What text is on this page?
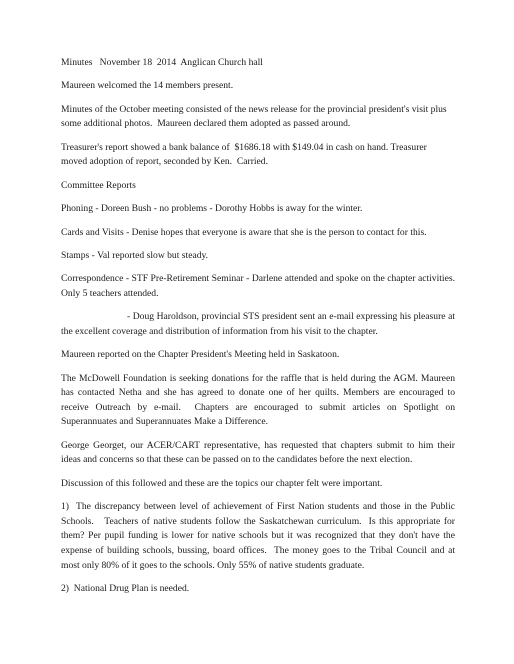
Minutes   November 18  2014  Anglican Church hall

Maureen welcomed the 14 members present.

Minutes of the October meeting consisted of the news release for the provincial president's visit plus some additional photos.  Maureen declared them adopted as passed around.

Treasurer's report showed a bank balance of  $1686.18 with $149.04 in cash on hand. Treasurer moved adoption of report, seconded by Ken.  Carried.

Committee Reports

Phoning - Doreen Bush - no problems - Dorothy Hobbs is away for the winter.

Cards and Visits - Denise hopes that everyone is aware that she is the person to contact for this.

Stamps - Val reported slow but steady.

Correspondence - STF Pre-Retirement Seminar - Darlene attended and spoke on the chapter activities. Only 5 teachers attended.

- Doug Haroldson, provincial STS president sent an e-mail expressing his pleasure at the excellent coverage and distribution of information from his visit to the chapter.

Maureen reported on the Chapter President's Meeting held in Saskatoon.

The McDowell Foundation is seeking donations for the raffle that is held during the AGM. Maureen has contacted Netha and she has agreed to donate one of her quilts. Members are encouraged to receive Outreach by e-mail.  Chapters are encouraged to submit articles on Spotlight on Superannuates and Superannuates Make a Difference.

George Georget, our ACER/CART representative, has requested that chapters submit to him their ideas and concerns so that these can be passed on to the candidates before the next election.

Discussion of this followed and these are the topics our chapter felt were important.

1)  The discrepancy between level of achievement of First Nation students and those in the Public Schools.   Teachers of native students follow the Saskatchewan curriculum.  Is this appropriate for them? Per pupil funding is lower for native schools but it was recognized that they don't have the expense of building schools, bussing, board offices.  The money goes to the Tribal Council and at most only 80% of it goes to the schools. Only 55% of native students graduate.

2)  National Drug Plan is needed.
